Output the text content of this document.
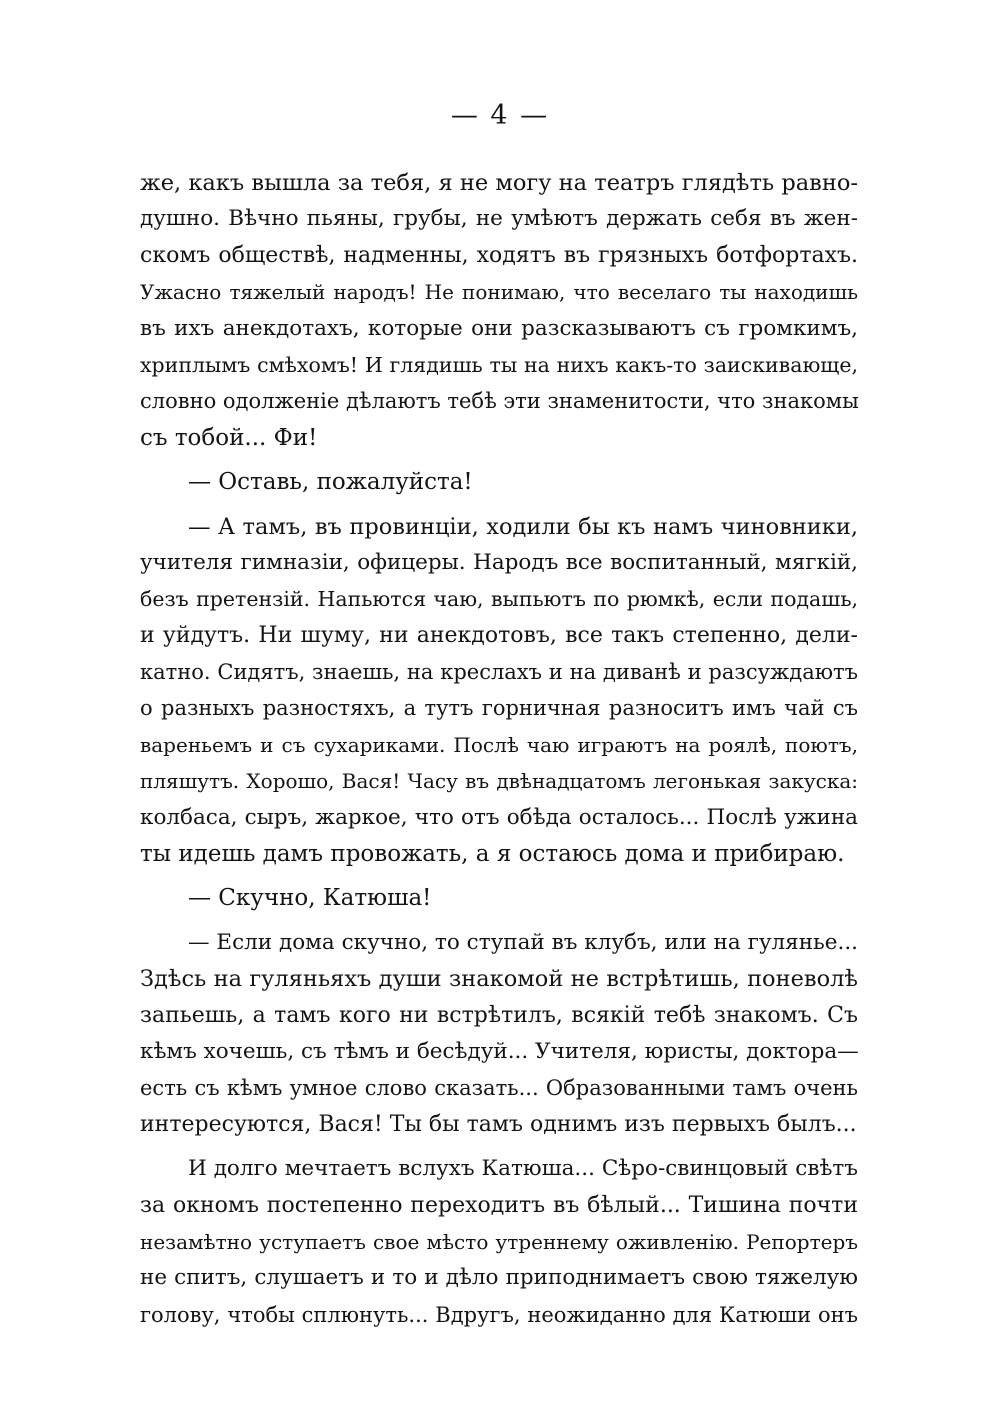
— 4 —
же, какъ вышла за тебя, я не могу на театръ глядѣть равно-
душно. Вѣчно пьяны, грубы, не умѣютъ держать себя въ жен-
скомъ обществѣ, надменны, ходятъ въ грязныхъ ботфортахъ.
Ужасно тяжелый народъ! Не понимаю, что веселаго ты находишь
въ ихъ анекдотахъ, которые они разсказываютъ съ громкимъ,
хриплымъ смѣхомъ! И глядишь ты на нихъ какъ-то заискивающе,
словно одолженіе дѣлаютъ тебѣ эти знаменитости, что знакомы
съ тобой... Фи!
— Оставь, пожалуйста!
— А тамъ, въ провинціи, ходили бы къ намъ чиновники,
учителя гимназіи, офицеры. Народъ все воспитанный, мягкій,
безъ претензій. Напьются чаю, выпьютъ по рюмкѣ, если подашь,
и уйдутъ. Ни шуму, ни анекдотовъ, все такъ степенно, дели-
катно. Сидятъ, знаешь, на креслахъ и на диванѣ и разсуждаютъ
о разныхъ разностяхъ, а тутъ горничная разноситъ имъ чай съ
вареньемъ и съ сухариками. Послѣ чаю играютъ на роялѣ, поютъ,
пляшутъ. Хорошо, Вася! Часу въ двѣнадцатомъ легонькая закуска:
колбаса, сыръ, жаркое, что отъ обѣда осталось... Послѣ ужина
ты идешь дамъ провожать, а я остаюсь дома и прибираю.
— Скучно, Катюша!
— Если дома скучно, то ступай въ клубъ, или на гулянье...
Здѣсь на гуляньяхъ души знакомой не встрѣтишь, поневолѣ
запьешь, а тамъ кого ни встрѣтилъ, всякій тебѣ знакомъ. Съ
кѣмъ хочешь, съ тѣмъ и бесѣдуй... Учителя, юристы, доктора—
есть съ кѣмъ умное слово сказать... Образованными тамъ очень
интересуются, Вася! Ты бы тамъ однимъ изъ первыхъ былъ...
И долго мечтаетъ вслухъ Катюша... Сѣро-свинцовый свѣтъ
за окномъ постепенно переходитъ въ бѣлый... Тишина почти
незамѣтно уступаетъ свое мѣсто утреннему оживленію. Репортеръ
не спитъ, слушаетъ и то и дѣло приподнимаетъ свою тяжелую
голову, чтобы сплюнуть... Вдругъ, неожиданно для Катюши онъ
